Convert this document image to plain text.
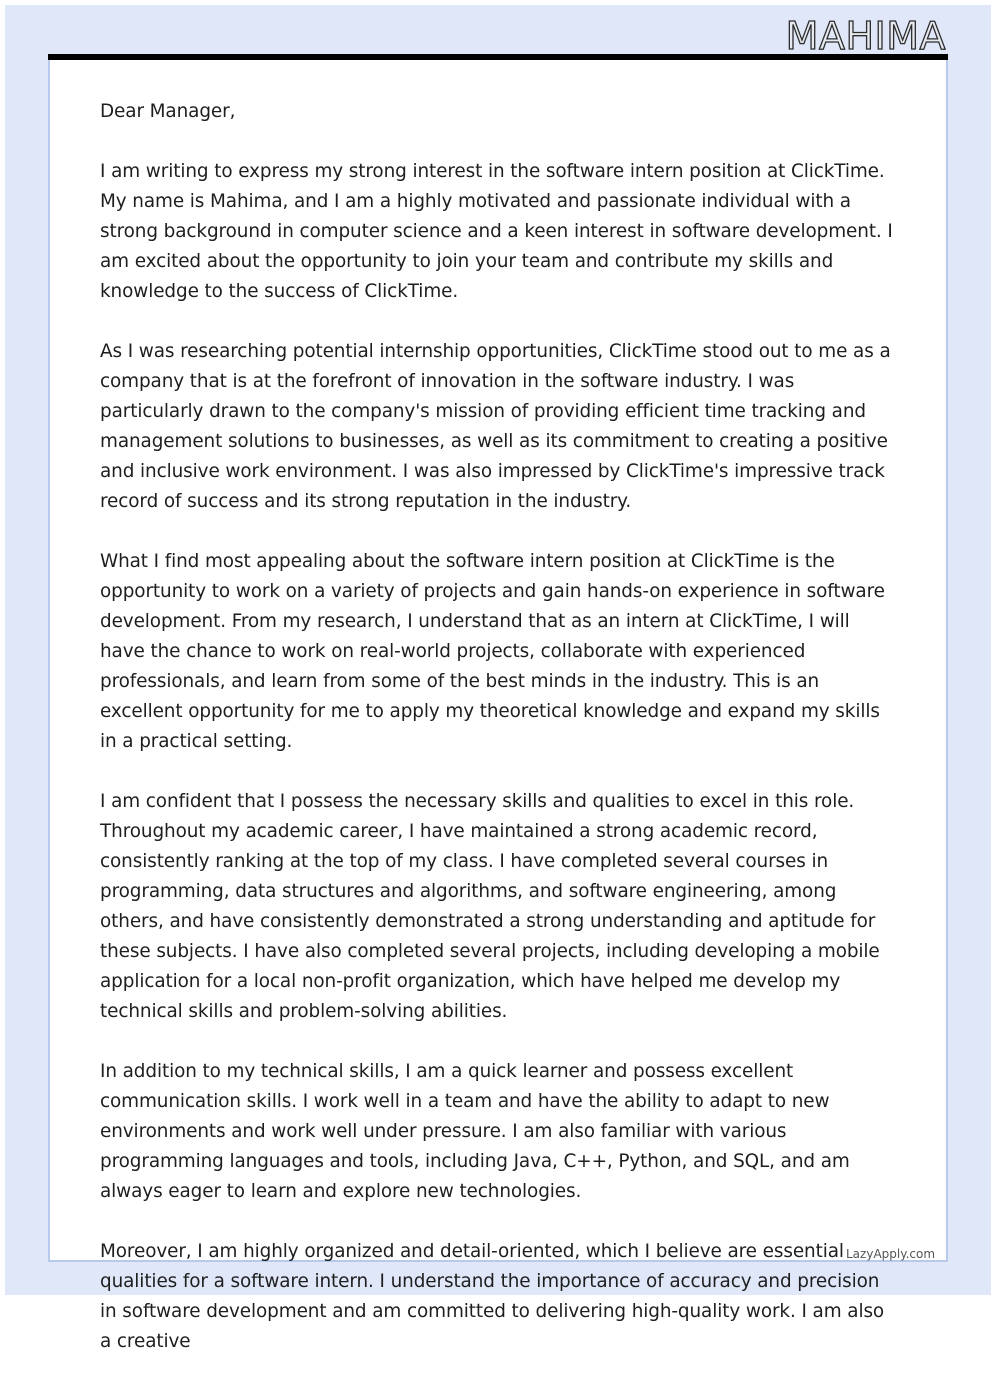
MAHIMA

Dear Manager,

I am writing to express my strong interest in the software intern position at ClickTime. My name is Mahima, and I am a highly motivated and passionate individual with a strong background in computer science and a keen interest in software development. I am excited about the opportunity to join your team and contribute my skills and knowledge to the success of ClickTime.

As I was researching potential internship opportunities, ClickTime stood out to me as a company that is at the forefront of innovation in the software industry. I was particularly drawn to the company's mission of providing efficient time tracking and management solutions to businesses, as well as its commitment to creating a positive and inclusive work environment. I was also impressed by ClickTime's impressive track record of success and its strong reputation in the industry.

What I find most appealing about the software intern position at ClickTime is the opportunity to work on a variety of projects and gain hands-on experience in software development. From my research, I understand that as an intern at ClickTime, I will have the chance to work on real-world projects, collaborate with experienced professionals, and learn from some of the best minds in the industry. This is an excellent opportunity for me to apply my theoretical knowledge and expand my skills in a practical setting.

I am confident that I possess the necessary skills and qualities to excel in this role. Throughout my academic career, I have maintained a strong academic record, consistently ranking at the top of my class. I have completed several courses in programming, data structures and algorithms, and software engineering, among others, and have consistently demonstrated a strong understanding and aptitude for these subjects. I have also completed several projects, including developing a mobile application for a local non-profit organization, which have helped me develop my technical skills and problem-solving abilities.

In addition to my technical skills, I am a quick learner and possess excellent communication skills. I work well in a team and have the ability to adapt to new environments and work well under pressure. I am also familiar with various programming languages and tools, including Java, C++, Python, and SQL, and am always eager to learn and explore new technologies.

Moreover, I am highly organized and detail-oriented, which I believe are essential qualities for a software intern. I understand the importance of accuracy and precision in software development and am committed to delivering high-quality work. I am also a creative

LazyApply.com
